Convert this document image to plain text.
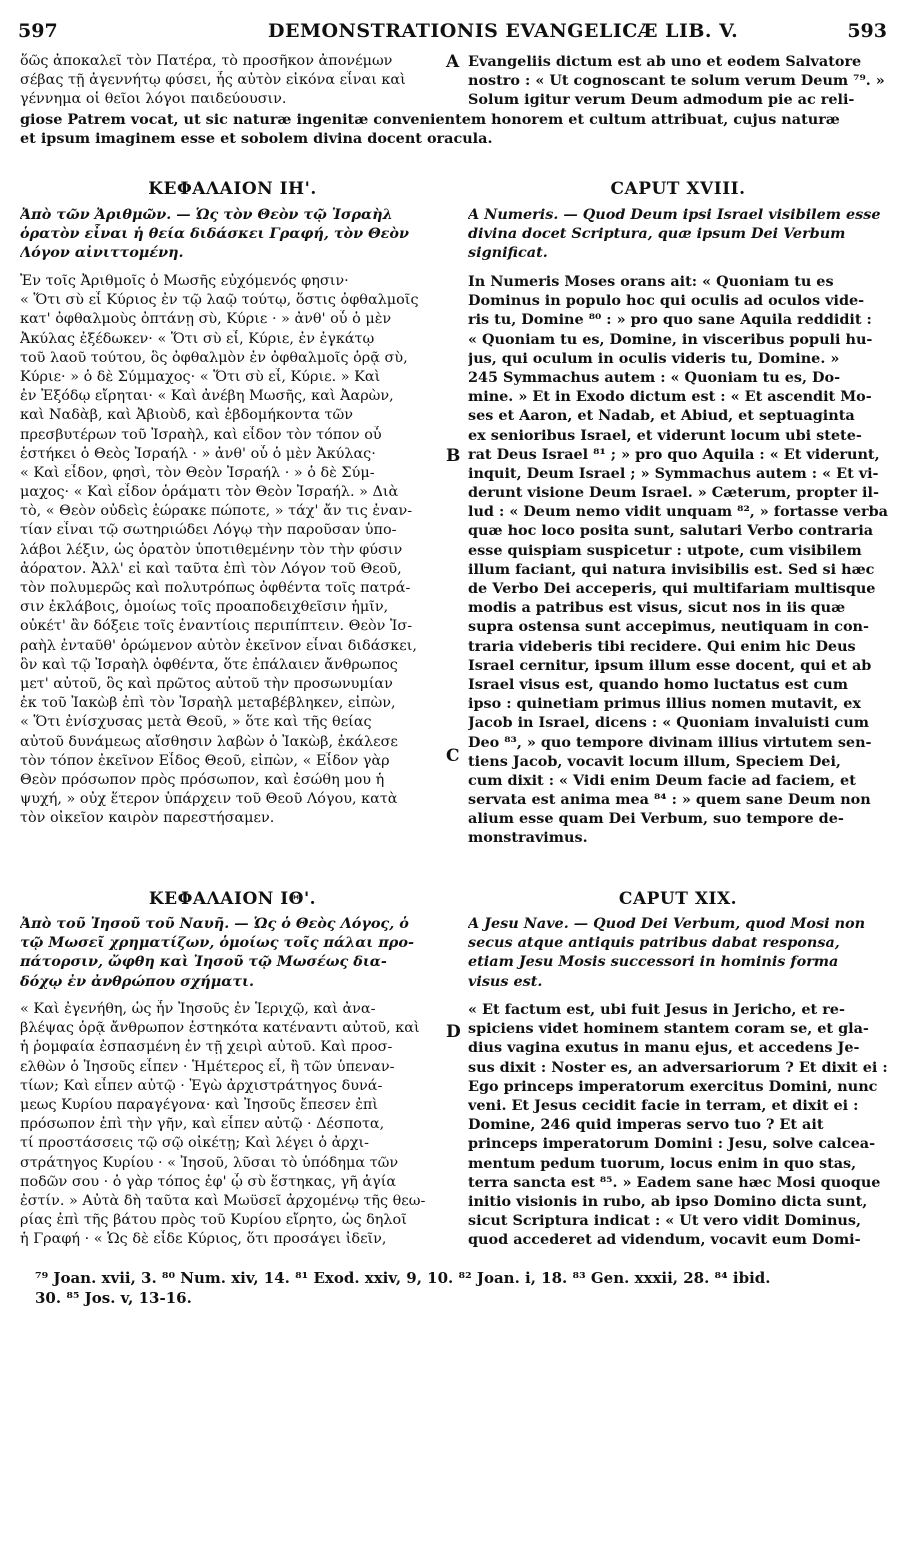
597	DEMONSTRATIONIS EVANGELICÆ LIB. V.	593
ὅῶς ἀποκαλεῖ τὸν Πατέρα, τὸ προσῆκον ἀπονέμων
σέβας τῇ ἀγεννήτῳ φύσει, ἧς αὐτὸν εἰκόνα εἶναι καὶ
γέννημα οἱ θεῖοι λόγοι παιδεύουσιν.
Evangeliis dictum est ab uno et eodem Salvatore
nostro : « Ut cognoscant te solum verum Deum ⁷⁹. »
Solum igitur verum Deum admodum pie ac reli-
A
giose Patrem vocat, ut sic naturæ ingenitæ convenientem honorem et cultum attribuat, cujus naturæ
et ipsum imaginem esse et sobolem divina docent oracula.
ΚΕΦΑΛΑΙΟΝ ΙΗ'.	CAPUT XVIII.
Ἀπὸ τῶν Ἀριθμῶν. — Ὡς τὸν Θεὸν τῷ Ἰσραὴλ
ὁρατὸν εἶναι ἡ θεία διδάσκει Γραφή, τὸν Θεὸν
Λόγον αἰνιττομένη.
A Numeris. — Quod Deum ipsi Israel visibilem esse
divina docet Scriptura, quæ ipsum Dei Verbum
significat.
Ἐν τοῖς Ἀριθμοῖς ὁ Μωσῆς εὐχόμενός φησιν·
« Ὅτι σὺ εἶ Κύριος ἐν τῷ λαῷ τούτῳ, ὅστις ὀφθαλμοῖς
κατ' ὀφθαλμοὺς ὀπτάνῃ σὺ, Κύριε · » ἀνθ' οὗ ὁ μὲν
Ἀκύλας ἐξέδωκεν· « Ὅτι σὺ εἶ, Κύριε, ἐν ἐγκάτῳ
τοῦ λαοῦ τούτου, ὃς ὀφθαλμὸν ἐν ὀφθαλμοῖς ὁρᾷ σὺ,
Κύριε· » ὁ δὲ Σύμμαχος· « Ὅτι σὺ εἶ, Κύριε. » Καὶ
ἐν Ἐξόδῳ εἴρηται· « Καὶ ἀνέβη Μωσῆς, καὶ Ἀαρὼν,
καὶ Ναδὰβ, καὶ Ἀβιοὺδ, καὶ ἑβδομήκοντα τῶν
πρεσβυτέρων τοῦ Ἰσραὴλ, καὶ εἶδον τὸν τόπον οὗ
ἑστήκει ὁ Θεὸς Ἰσραήλ · » ἀνθ' οὗ ὁ μὲν Ἀκύλας·
« Καὶ εἶδον, φησὶ, τὸν Θεὸν Ἰσραήλ · » ὁ δὲ Σύμ-
μαχος· « Καὶ εἶδον ὁράματι τὸν Θεὸν Ἰσραήλ. » Διὰ
τὸ, « Θεὸν οὐδεὶς ἑώρακε πώποτε, » τάχ' ἄν τις ἐναν-
τίαν εἶναι τῷ σωτηριώδει Λόγῳ τὴν παροῦσαν ὑπο-
λάβοι λέξιν, ὡς ὁρατὸν ὑποτιθεμένην τὸν τὴν φύσιν
ἀόρατον. Ἀλλ' εἰ καὶ ταῦτα ἐπὶ τὸν Λόγον τοῦ Θεοῦ,
τὸν πολυμερῶς καὶ πολυτρόπως ὀφθέντα τοῖς πατρά-
σιν ἐκλάβοις, ὁμοίως τοῖς προαποδειχθεῖσιν ἡμῖν,
οὐκέτ' ἂν δόξειε τοῖς ἐναντίοις περιπίπτειν. Θεὸν Ἰσ-
ραὴλ ἐνταῦθ' ὁρώμενον αὐτὸν ἐκεῖνον εἶναι διδάσκει,
ὃν καὶ τῷ Ἰσραὴλ ὀφθέντα, ὅτε ἐπάλαιεν ἄνθρωπος
μετ' αὐτοῦ, ὃς καὶ πρῶτος αὐτοῦ τὴν προσωνυμίαν
ἐκ τοῦ Ἰακὼβ ἐπὶ τὸν Ἰσραὴλ μεταβέβληκεν, εἰπὼν,
« Ὅτι ἐνίσχυσας μετὰ Θεοῦ, » ὅτε καὶ τῆς θείας
αὐτοῦ δυνάμεως αἴσθησιν λαβὼν ὁ Ἰακὼβ, ἐκάλεσε
τὸν τόπον ἐκεῖνον Εἶδος Θεοῦ, εἰπὼν, « Εἶδον γὰρ
Θεὸν πρόσωπον πρὸς πρόσωπον, καὶ ἐσώθη μου ἡ
ψυχή, » οὐχ ἕτερον ὑπάρχειν τοῦ Θεοῦ Λόγου, κατὰ
τὸν οἰκεῖον καιρὸν παρεστήσαμεν.
In Numeris Moses orans ait: « Quoniam tu es
Dominus in populo hoc qui oculis ad oculos vide-
ris tu, Domine ⁸⁰ : » pro quo sane Aquila reddidit :
« Quoniam tu es, Domine, in visceribus populi hu-
jus, qui oculum in oculis videris tu, Domine. »
245 Symmachus autem : « Quoniam tu es, Do-
mine. » Et in Exodo dictum est : « Et ascendit Mo-
ses et Aaron, et Nadab, et Abiud, et septuaginta
ex senioribus Israel, et viderunt locum ubi stete-
rat Deus Israel ⁸¹ ; » pro quo Aquila : « Et viderunt,
inquit, Deum Israel ; » Symmachus autem : « Et vi-
derunt visione Deum Israel. » Cæterum, propter il-
lud : « Deum nemo vidit unquam ⁸², » fortasse verba
quæ hoc loco posita sunt, salutari Verbo contraria
esse quispiam suspicetur : utpote, cum visibilem
illum faciant, qui natura invisibilis est. Sed si hæc
de Verbo Dei acceperis, qui multifariam multisque
modis a patribus est visus, sicut nos in iis quæ
supra ostensa sunt accepimus, neutiquam in con-
traria videberis tibi recidere. Qui enim hic Deus
Israel cernitur, ipsum illum esse docent, qui et ab
Israel visus est, quando homo luctatus est cum
ipso : quinetiam primus illius nomen mutavit, ex
Jacob in Israel, dicens : « Quoniam invaluisti cum
Deo ⁸³, » quo tempore divinam illius virtutem sen-
tiens Jacob, vocavit locum illum, Speciem Dei,
cum dixit : « Vidi enim Deum facie ad faciem, et
servata est anima mea ⁸⁴ : » quem sane Deum non
alium esse quam Dei Verbum, suo tempore de-
monstravimus.
B
C
ΚΕΦΑΛΑΙΟΝ ΙΘ'.	CAPUT XIX.
Ἀπὸ τοῦ Ἰησοῦ τοῦ Ναυῆ. — Ὡς ὁ Θεὸς Λόγος, ὁ
τῷ Μωσεῖ χρηματίζων, ὁμοίως τοῖς πάλαι προ-
πάτορσιν, ὤφθη καὶ Ἰησοῦ τῷ Μωσέως δια-
δόχῳ ἐν ἀνθρώπου σχήματι.
A Jesu Nave. — Quod Dei Verbum, quod Mosi non
secus atque antiquis patribus dabat responsa,
etiam Jesu Mosis successori in hominis forma
visus est.
« Καὶ ἐγενήθη, ὡς ἦν Ἰησοῦς ἐν Ἱεριχῷ, καὶ ἀνα-
βλέψας ὁρᾷ ἄνθρωπον ἑστηκότα κατέναντι αὐτοῦ, καὶ
ἡ ῥομφαία ἐσπασμένη ἐν τῇ χειρὶ αὐτοῦ. Καὶ προσ-
ελθὼν ὁ Ἰησοῦς εἶπεν · Ἡμέτερος εἶ, ἢ τῶν ὑπεναν-
τίων; Καὶ εἶπεν αὐτῷ · Ἐγὼ ἀρχιστράτηγος δυνά-
μεως Κυρίου παραγέγονα· καὶ Ἰησοῦς ἔπεσεν ἐπὶ
πρόσωπον ἐπὶ τὴν γῆν, καὶ εἶπεν αὐτῷ · Δέσποτα,
τί προστάσσεις τῷ σῷ οἰκέτῃ; Καὶ λέγει ὁ ἀρχι-
στράτηγος Κυρίου · « Ἰησοῦ, λῦσαι τὸ ὑπόδημα τῶν
ποδῶν σου · ὁ γὰρ τόπος ἐφ' ᾧ σὺ ἕστηκας, γῆ ἁγία
ἐστίν. » Αὐτὰ δὴ ταῦτα καὶ Μωϋσεῖ ἀρχομένῳ τῆς θεω-
ρίας ἐπὶ τῆς βάτου πρὸς τοῦ Κυρίου εἴρητο, ὡς δηλοῖ
ἡ Γραφή · « Ὡς δὲ εἶδε Κύριος, ὅτι προσάγει ἰδεῖν,
« Et factum est, ubi fuit Jesus in Jericho, et re-
spiciens videt hominem stantem coram se, et gla-
dius vagina exutus in manu ejus, et accedens Je-
sus dixit : Noster es, an adversariorum ? Et dixit ei :
Ego princeps imperatorum exercitus Domini, nunc
veni. Et Jesus cecidit facie in terram, et dixit ei :
Domine, 246 quid imperas servo tuo ? Et ait
princeps imperatorum Domini : Jesu, solve calcea-
mentum pedum tuorum, locus enim in quo stas,
terra sancta est ⁸⁵. » Eadem sane hæc Mosi quoque
initio visionis in rubo, ab ipso Domino dicta sunt,
sicut Scriptura indicat : « Ut vero vidit Dominus,
quod accederet ad videndum, vocavit eum Domi-
D
⁷⁹ Joan. xvii, 3. ⁸⁰ Num. xiv, 14. ⁸¹ Exod. xxiv, 9, 10. ⁸² Joan. i, 18. ⁸³ Gen. xxxii, 28. ⁸⁴ ibid.
30. ⁸⁵ Jos. v, 13-16.
